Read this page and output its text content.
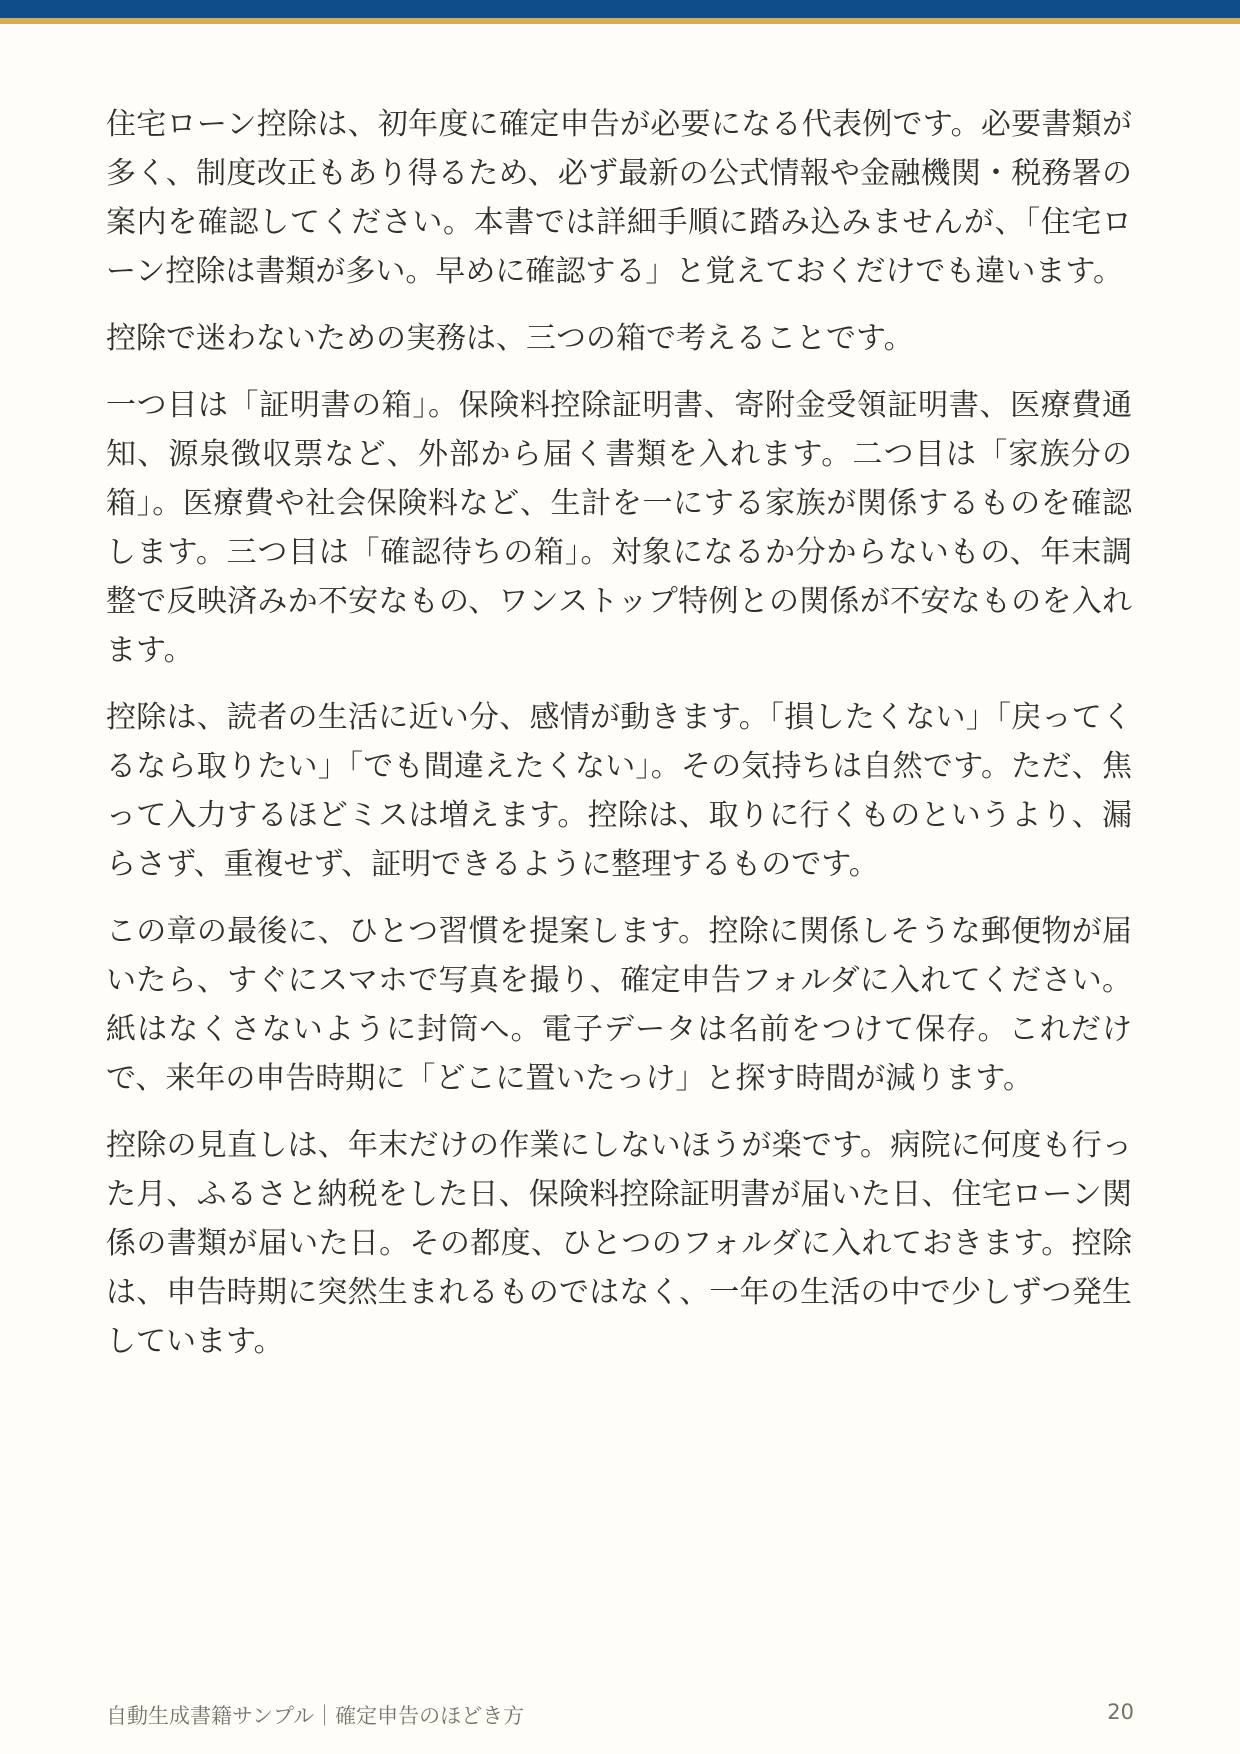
住宅ローン控除は、初年度に確定申告が必要になる代表例です。必要書類が多く、制度改正もあり得るため、必ず最新の公式情報や金融機関・税務署の案内を確認してください。本書では詳細手順に踏み込みませんが、「住宅ローン控除は書類が多い。早めに確認する」と覚えておくだけでも違います。

控除で迷わないための実務は、三つの箱で考えることです。

一つ目は「証明書の箱」。保険料控除証明書、寄附金受領証明書、医療費通知、源泉徴収票など、外部から届く書類を入れます。二つ目は「家族分の箱」。医療費や社会保険料など、生計を一にする家族が関係するものを確認します。三つ目は「確認待ちの箱」。対象になるか分からないもの、年末調整で反映済みか不安なもの、ワンストップ特例との関係が不安なものを入れます。

控除は、読者の生活に近い分、感情が動きます。「損したくない」「戻ってくるなら取りたい」「でも間違えたくない」。その気持ちは自然です。ただ、焦って入力するほどミスは増えます。控除は、取りに行くものというより、漏らさず、重複せず、証明できるように整理するものです。

この章の最後に、ひとつ習慣を提案します。控除に関係しそうな郵便物が届いたら、すぐにスマホで写真を撮り、確定申告フォルダに入れてください。紙はなくさないように封筒へ。電子データは名前をつけて保存。これだけで、来年の申告時期に「どこに置いたっけ」と探す時間が減ります。

控除の見直しは、年末だけの作業にしないほうが楽です。病院に何度も行った月、ふるさと納税をした日、保険料控除証明書が届いた日、住宅ローン関係の書類が届いた日。その都度、ひとつのフォルダに入れておきます。控除は、申告時期に突然生まれるものではなく、一年の生活の中で少しずつ発生しています。

自動生成書籍サンプル｜確定申告のほどき方	20
